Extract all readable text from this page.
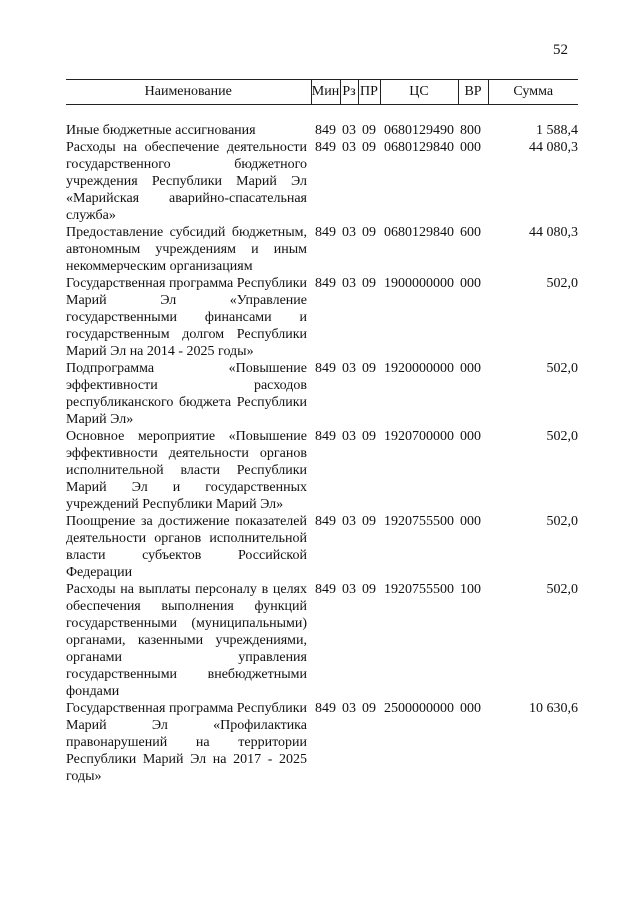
52
Наименование	Мин	Рз	ПР	ЦС	ВР	Сумма

Иные бюджетные ассигнования	849	03	09	0680129490	800	1 588,4
Расходы на обеспечение деятельности государственного бюджетного учреждения Республики Марий Эл «Марийская аварийно-спасательная служба»	849	03	09	0680129840	000	44 080,3
Предоставление субсидий бюджетным, автономным учреждениям и иным некоммерческим организациям	849	03	09	0680129840	600	44 080,3
Государственная программа Республики Марий Эл «Управление государственными финансами и государственным долгом Республики Марий Эл на 2014 - 2025 годы»	849	03	09	1900000000	000	502,0
Подпрограмма «Повышение эффективности расходов республиканского бюджета Республики Марий Эл»	849	03	09	1920000000	000	502,0
Основное мероприятие «Повышение эффективности деятельности органов исполнительной власти Республики Марий Эл и государственных учреждений Республики Марий Эл»	849	03	09	1920700000	000	502,0
Поощрение за достижение показателей деятельности органов исполнительной власти субъектов Российской Федерации	849	03	09	1920755500	000	502,0
Расходы на выплаты персоналу в целях обеспечения выполнения функций государственными (муниципальными) органами, казенными учреждениями, органами управления государственными внебюджетными фондами	849	03	09	1920755500	100	502,0
Государственная программа Республики Марий Эл «Профилактика правонарушений на территории Республики Марий Эл на 2017 - 2025 годы»	849	03	09	2500000000	000	10 630,6
